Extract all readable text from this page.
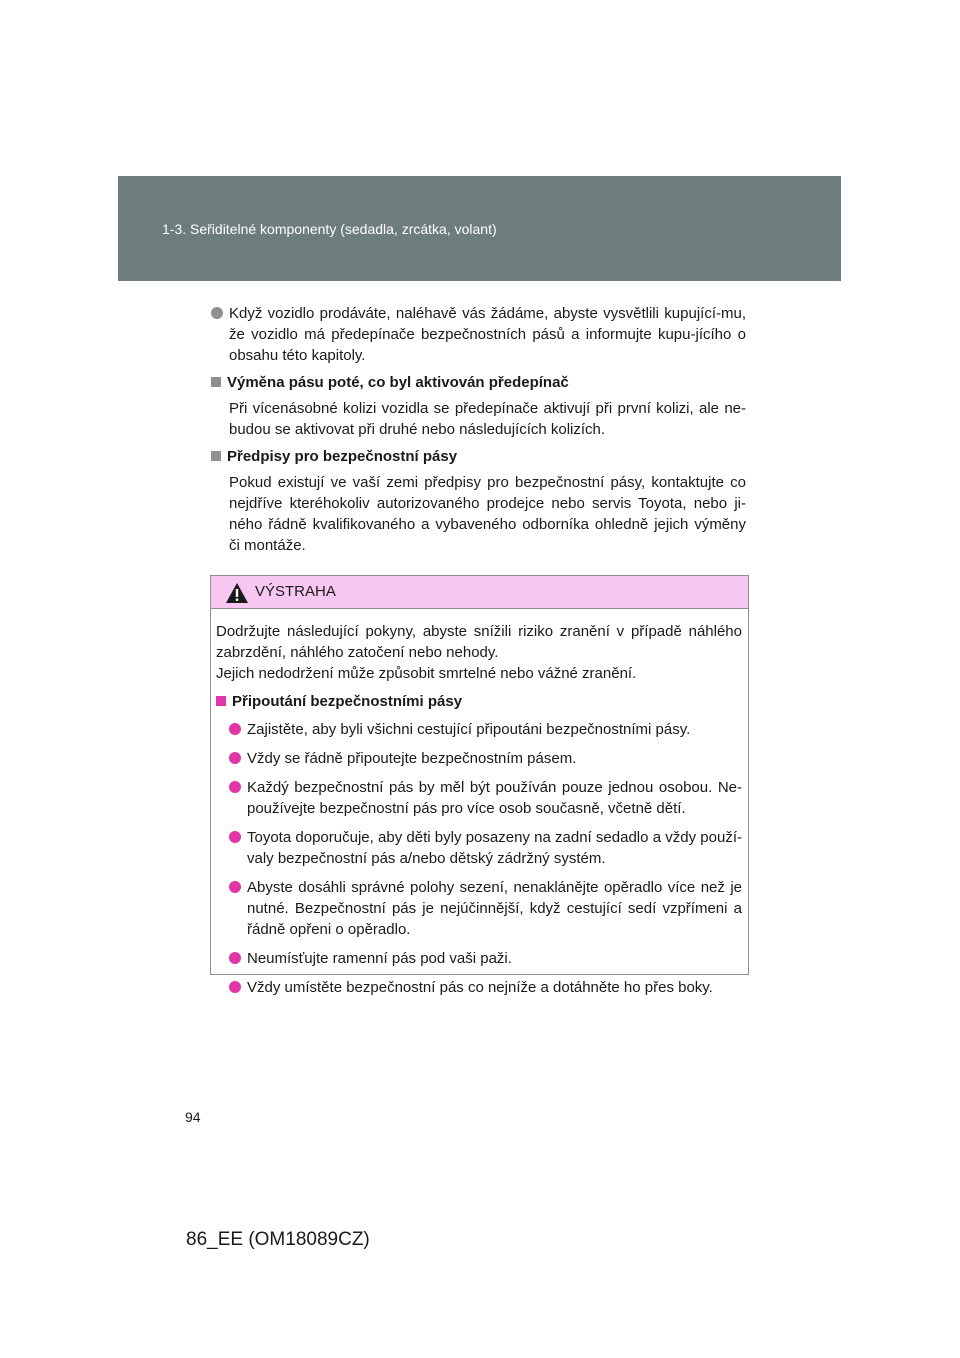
1-3. Seřiditelné komponenty (sedadla, zrcátka, volant)

Když vozidlo prodáváte, naléhavě vás žádáme, abyste vysvětlili kupující-mu, že vozidlo má předepínače bezpečnostních pásů a informujte kupu-jícího o obsahu této kapitoly.

Výměna pásu poté, co byl aktivován předepínač

Při vícenásobné kolizi vozidla se předepínače aktivují při první kolizi, ale ne-budou se aktivovat při druhé nebo následujících kolizích.

Předpisy pro bezpečnostní pásy

Pokud existují ve vaší zemi předpisy pro bezpečnostní pásy, kontaktujte co nejdříve kteréhokoliv autorizovaného prodejce nebo servis Toyota, nebo ji-ného řádně kvalifikovaného a vybaveného odborníka ohledně jejich výměny či montáže.

VÝSTRAHA

Dodržujte následující pokyny, abyste snížili riziko zranění v případě náhlého zabrzdění, náhlého zatočení nebo nehody.
Jejich nedodržení může způsobit smrtelné nebo vážné zranění.

Připoutání bezpečnostními pásy

Zajistěte, aby byli všichni cestující připoutáni bezpečnostními pásy.

Vždy se řádně připoutejte bezpečnostním pásem.

Každý bezpečnostní pás by měl být používán pouze jednou osobou. Ne-používejte bezpečnostní pás pro více osob současně, včetně dětí.

Toyota doporučuje, aby děti byly posazeny na zadní sedadlo a vždy použí-valy bezpečnostní pás a/nebo dětský zádržný systém.

Abyste dosáhli správné polohy sezení, nenaklánějte opěradlo více než je nutné. Bezpečnostní pás je nejúčinnější, když cestující sedí vzpřímeni a řádně opřeni o opěradlo.

Neumísťujte ramenní pás pod vaši paži.

Vždy umístěte bezpečnostní pás co nejníže a dotáhněte ho přes boky.

94
86_EE (OM18089CZ)
